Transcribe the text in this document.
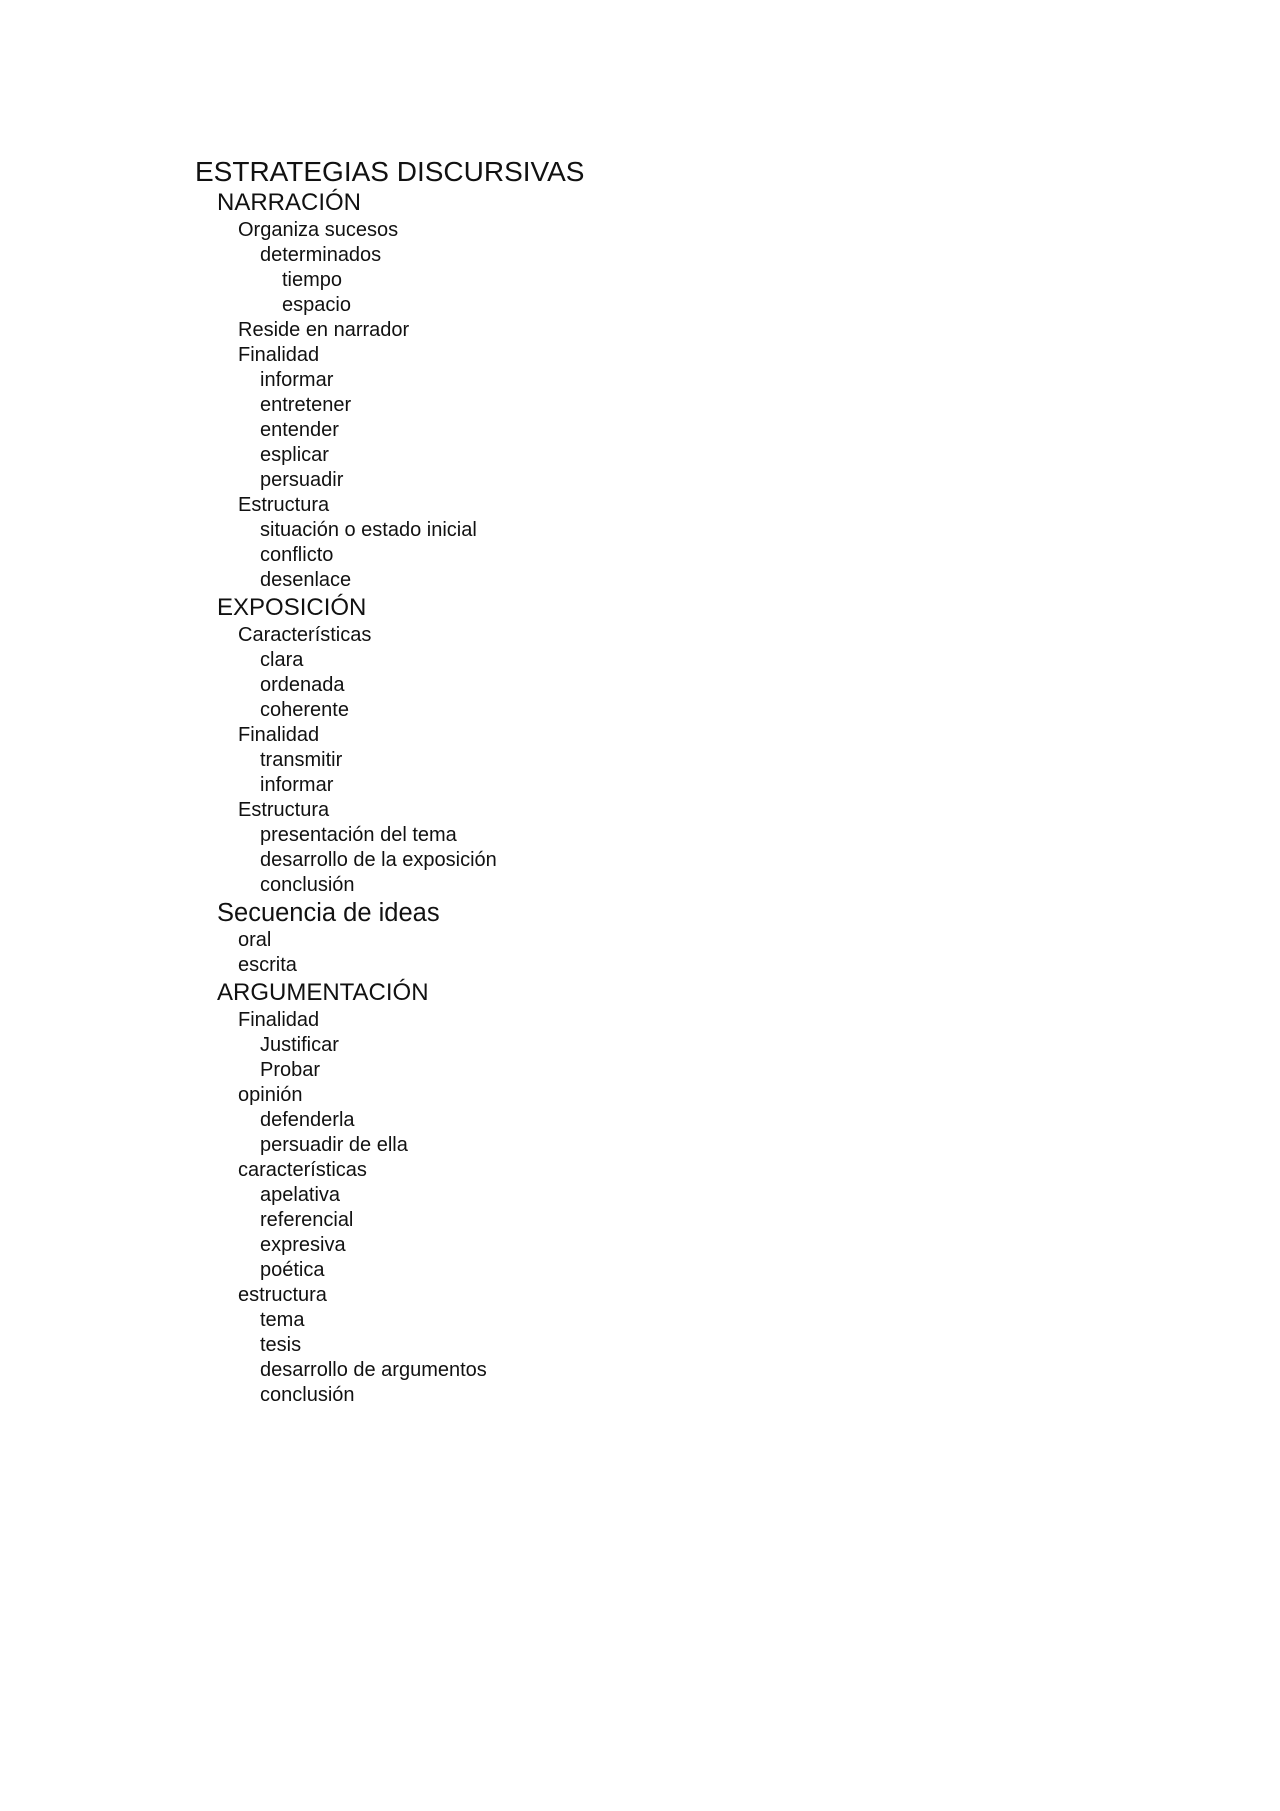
ESTRATEGIAS DISCURSIVAS
NARRACIÓN
Organiza sucesos
determinados
tiempo
espacio
Reside en narrador
Finalidad
informar
entretener
entender
esplicar
persuadir
Estructura
situación o estado inicial
conflicto
desenlace
EXPOSICIÓN
Características
clara
ordenada
coherente
Finalidad
transmitir
informar
Estructura
presentación del tema
desarrollo de la exposición
conclusión
Secuencia de ideas
oral
escrita
ARGUMENTACIÓN
Finalidad
Justificar
Probar
opinión
defenderla
persuadir de ella
características
apelativa
referencial
expresiva
poética
estructura
tema
tesis
desarrollo de argumentos
conclusión
